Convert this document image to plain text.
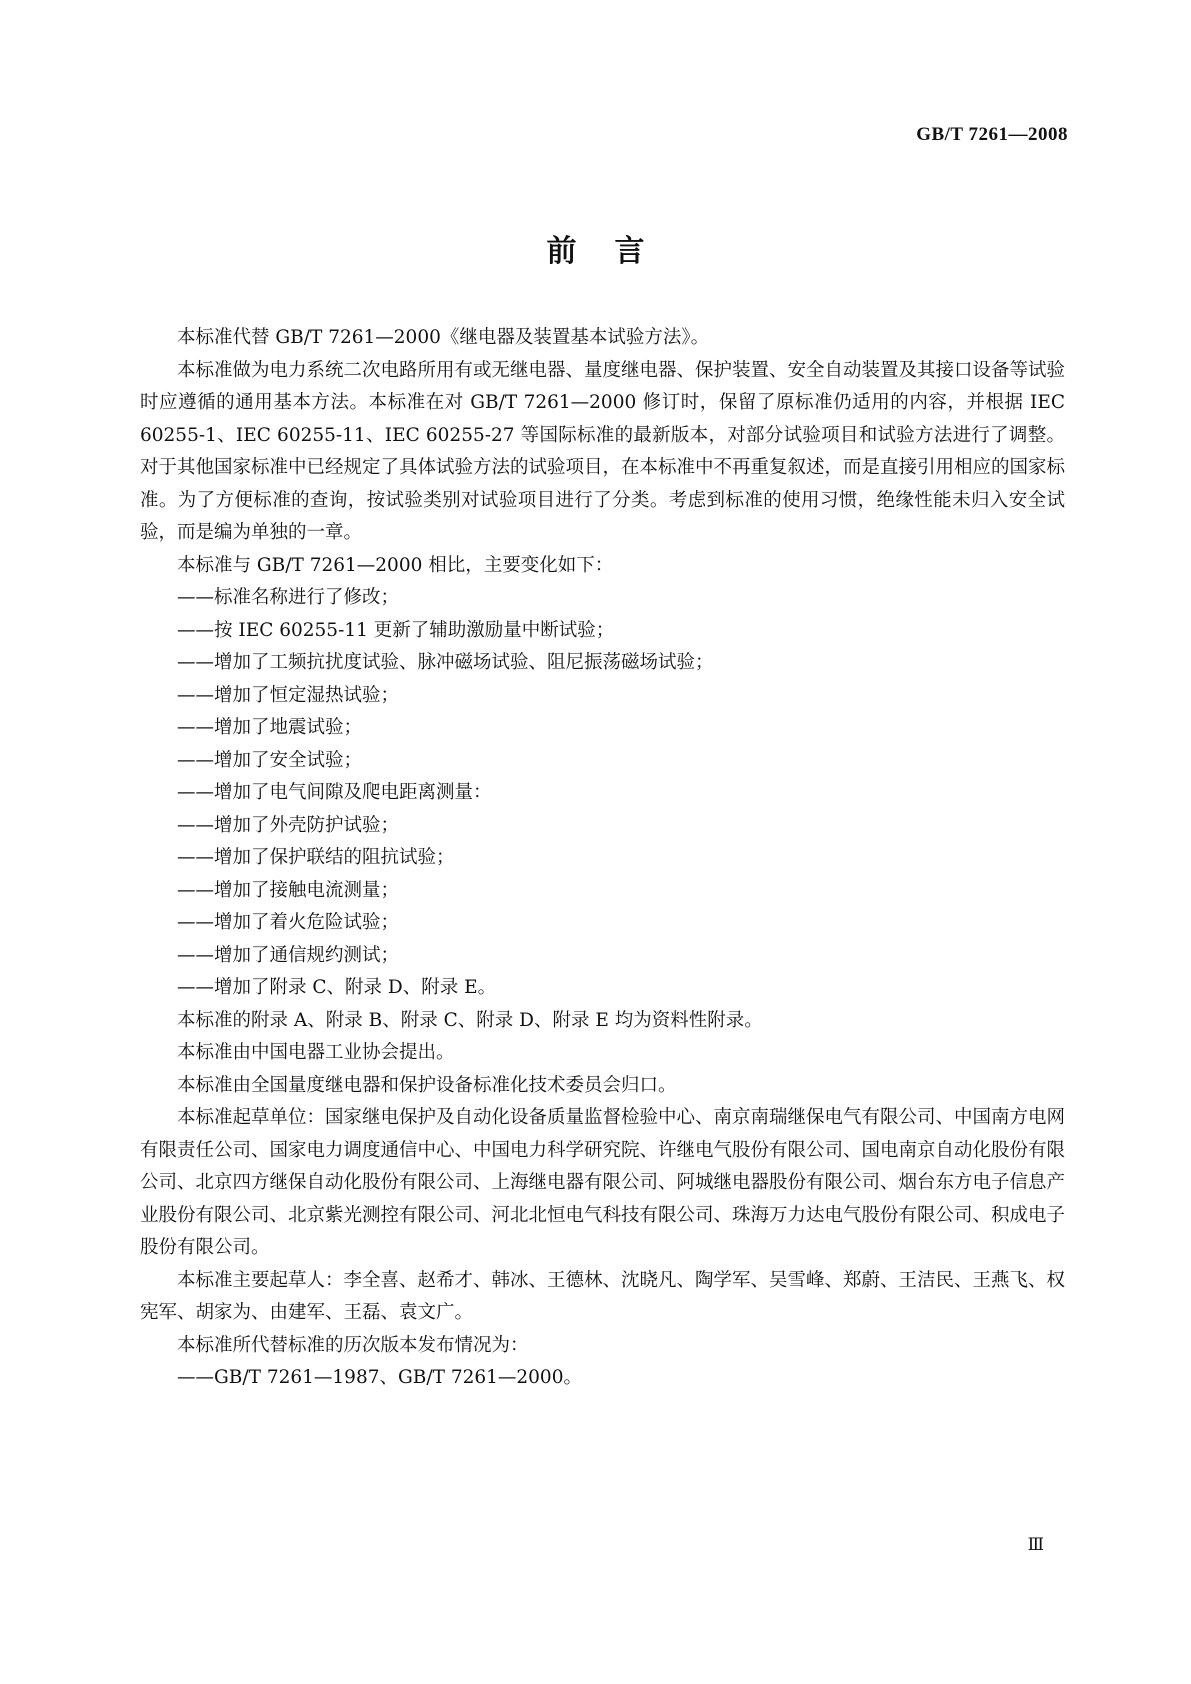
GB/T 7261—2008
前言

本标准代替 GB/T 7261—2000《继电器及装置基本试验方法》。

本标准做为电力系统二次电路所用有或无继电器、量度继电器、保护装置、安全自动装置及其接口设备等试验时应遵循的通用基本方法。本标准在对 GB/T 7261—2000 修订时，保留了原标准仍适用的内容，并根据 IEC 60255-1、IEC 60255-11、IEC 60255-27 等国际标准的最新版本，对部分试验项目和试验方法进行了调整。对于其他国家标准中已经规定了具体试验方法的试验项目，在本标准中不再重复叙述，而是直接引用相应的国家标准。为了方便标准的查询，按试验类别对试验项目进行了分类。考虑到标准的使用习惯，绝缘性能未归入安全试验，而是编为单独的一章。

本标准与 GB/T 7261—2000 相比，主要变化如下：

——标准名称进行了修改；

——按 IEC 60255-11 更新了辅助激励量中断试验；

——增加了工频抗扰度试验、脉冲磁场试验、阻尼振荡磁场试验；

——增加了恒定湿热试验；

——增加了地震试验；

——增加了安全试验；

——增加了电气间隙及爬电距离测量：

——增加了外壳防护试验；

——增加了保护联结的阻抗试验；

——增加了接触电流测量；

——增加了着火危险试验；

——增加了通信规约测试；

——增加了附录 C、附录 D、附录 E。

本标准的附录 A、附录 B、附录 C、附录 D、附录 E 均为资料性附录。

本标准由中国电器工业协会提出。

本标准由全国量度继电器和保护设备标准化技术委员会归口。

本标准起草单位：国家继电保护及自动化设备质量监督检验中心、南京南瑞继保电气有限公司、中国南方电网有限责任公司、国家电力调度通信中心、中国电力科学研究院、许继电气股份有限公司、国电南京自动化股份有限公司、北京四方继保自动化股份有限公司、上海继电器有限公司、阿城继电器股份有限公司、烟台东方电子信息产业股份有限公司、北京紫光测控有限公司、河北北恒电气科技有限公司、珠海万力达电气股份有限公司、积成电子股份有限公司。

本标准主要起草人：李全喜、赵希才、韩冰、王德林、沈晓凡、陶学军、吴雪峰、郑蔚、王洁民、王燕飞、权宪军、胡家为、由建军、王磊、袁文广。

本标准所代替标准的历次版本发布情况为：

——GB/T 7261—1987、GB/T 7261—2000。

Ⅲ
